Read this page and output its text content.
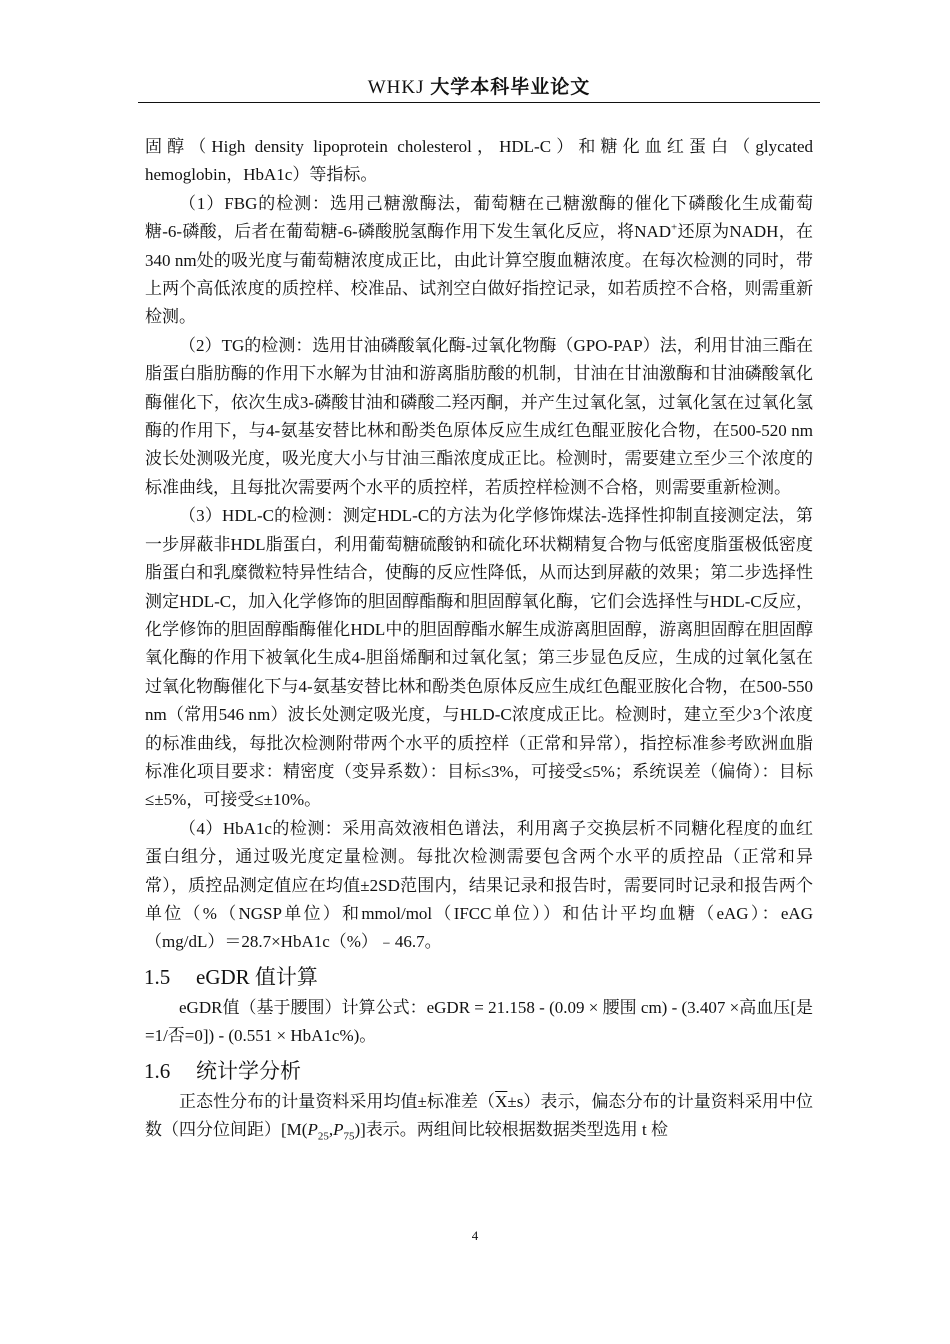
WHKJ 大学本科毕业论文

固醇（High density lipoprotein cholesterol，HDL-C）和糖化血红蛋白（glycated hemoglobin，HbA1c）等指标。

（1）FBG的检测：选用己糖激酶法，葡萄糖在己糖激酶的催化下磷酸化生成葡萄糖-6-磷酸，后者在葡萄糖-6-磷酸脱氢酶作用下发生氧化反应，将NAD+还原为NADH，在340 nm处的吸光度与葡萄糖浓度成正比，由此计算空腹血糖浓度。在每次检测的同时，带上两个高低浓度的质控样、校准品、试剂空白做好指控记录，如若质控不合格，则需重新检测。

（2）TG的检测：选用甘油磷酸氧化酶-过氧化物酶（GPO-PAP）法，利用甘油三酯在脂蛋白脂肪酶的作用下水解为甘油和游离脂肪酸的机制，甘油在甘油激酶和甘油磷酸氧化酶催化下，依次生成3-磷酸甘油和磷酸二羟丙酮，并产生过氧化氢，过氧化氢在过氧化氢酶的作用下，与4-氨基安替比林和酚类色原体反应生成红色醌亚胺化合物，在500-520 nm波长处测吸光度，吸光度大小与甘油三酯浓度成正比。检测时，需要建立至少三个浓度的标准曲线，且每批次需要两个水平的质控样，若质控样检测不合格，则需要重新检测。

（3）HDL-C的检测：测定HDL-C的方法为化学修饰煤法-选择性抑制直接测定法，第一步屏蔽非HDL脂蛋白，利用葡萄糖硫酸钠和硫化环状糊精复合物与低密度脂蛋极低密度脂蛋白和乳糜微粒特异性结合，使酶的反应性降低，从而达到屏蔽的效果；第二步选择性测定HDL-C，加入化学修饰的胆固醇酯酶和胆固醇氧化酶，它们会选择性与HDL-C反应，化学修饰的胆固醇酯酶催化HDL中的胆固醇酯水解生成游离胆固醇，游离胆固醇在胆固醇氧化酶的作用下被氧化生成4-胆甾烯酮和过氧化氢；第三步显色反应，生成的过氧化氢在过氧化物酶催化下与4-氨基安替比林和酚类色原体反应生成红色醌亚胺化合物，在500-550 nm（常用546 nm）波长处测定吸光度，与HLD-C浓度成正比。检测时，建立至少3个浓度的标准曲线，每批次检测附带两个水平的质控样（正常和异常），指控标准参考欧洲血脂标准化项目要求：精密度（变异系数）：目标≤3%，可接受≤5%；系统误差（偏倚）：目标≤±5%，可接受≤±10%。

（4）HbA1c的检测：采用高效液相色谱法，利用离子交换层析不同糖化程度的血红蛋白组分，通过吸光度定量检测。每批次检测需要包含两个水平的质控品（正常和异常），质控品测定值应在均值±2SD范围内，结果记录和报告时，需要同时记录和报告两个单位（%（NGSP单位）和mmol/mol（IFCC单位））和估计平均血糖（eAG）：eAG（mg/dL）＝28.7×HbA1c（%）﹣46.7。

1.5 eGDR 值计算

eGDR值（基于腰围）计算公式：eGDR = 21.158 - (0.09 × 腰围 cm) - (3.407 ×高血压[是=1/否=0]) - (0.551 × HbA1c%)。

1.6 统计学分析

正态性分布的计量资料采用均值±标准差$(\overline{X}\pm s)$表示，偏态分布的计量资料采用中位数（四分位间距）$[M(P_{25},P_{75})]$表示。两组间比较根据数据类型选用 t 检

4
